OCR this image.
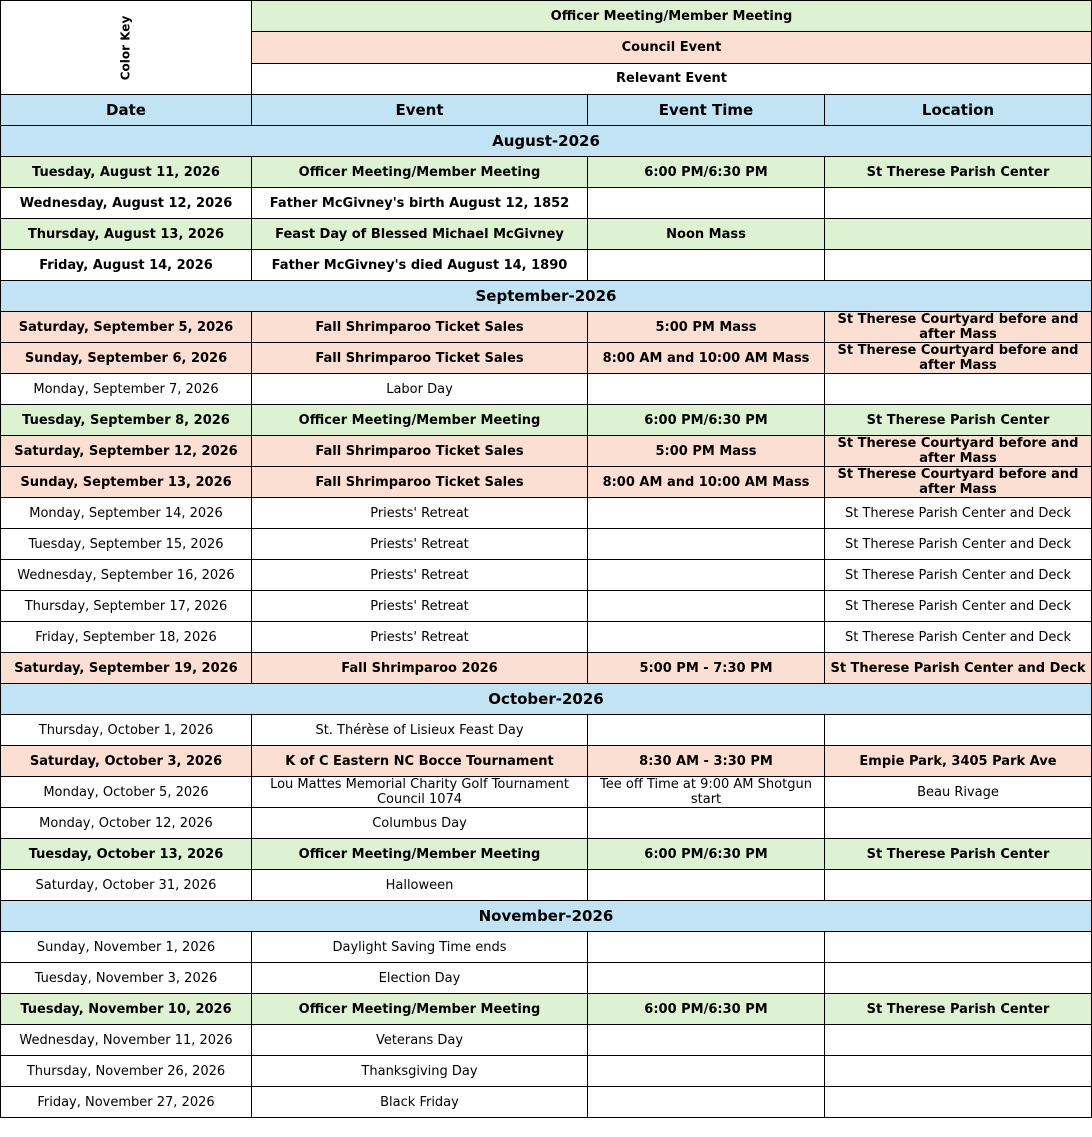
Color Key	Officer Meeting/Member Meeting		
	Council Event		
	Relevant Event		
Date	Event	Event Time	Location
August-2026			
Tuesday, August 11, 2026	Officer Meeting/Member Meeting	6:00 PM/6:30 PM	St Therese Parish Center
Wednesday, August 12, 2026	Father McGivney's birth August 12, 1852		
Thursday, August 13, 2026	Feast Day of Blessed Michael McGivney	Noon Mass	
Friday, August 14, 2026	Father McGivney's died August 14, 1890		
September-2026			
Saturday, September 5, 2026	Fall Shrimparoo Ticket Sales	5:00 PM Mass	St Therese Courtyard before and after Mass
Sunday, September 6, 2026	Fall Shrimparoo Ticket Sales	8:00 AM and 10:00 AM Mass	St Therese Courtyard before and after Mass
Monday, September 7, 2026	Labor Day		
Tuesday, September 8, 2026	Officer Meeting/Member Meeting	6:00 PM/6:30 PM	St Therese Parish Center
Saturday, September 12, 2026	Fall Shrimparoo Ticket Sales	5:00 PM Mass	St Therese Courtyard before and after Mass
Sunday, September 13, 2026	Fall Shrimparoo Ticket Sales	8:00 AM and 10:00 AM Mass	St Therese Courtyard before and after Mass
Monday, September 14, 2026	Priests' Retreat		St Therese Parish Center and Deck
Tuesday, September 15, 2026	Priests' Retreat		St Therese Parish Center and Deck
Wednesday, September 16, 2026	Priests' Retreat		St Therese Parish Center and Deck
Thursday, September 17, 2026	Priests' Retreat		St Therese Parish Center and Deck
Friday, September 18, 2026	Priests' Retreat		St Therese Parish Center and Deck
Saturday, September 19, 2026	Fall Shrimparoo 2026	5:00 PM - 7:30 PM	St Therese Parish Center and Deck
October-2026			
Thursday, October 1, 2026	St. Thérèse of Lisieux Feast Day		
Saturday, October 3, 2026	K of C Eastern NC Bocce Tournament	8:30 AM - 3:30 PM	Empie Park, 3405 Park Ave
Monday, October 5, 2026	Lou Mattes Memorial Charity Golf Tournament Council 1074	Tee off Time at 9:00 AM Shotgun start	Beau Rivage
Monday, October 12, 2026	Columbus Day		
Tuesday, October 13, 2026	Officer Meeting/Member Meeting	6:00 PM/6:30 PM	St Therese Parish Center
Saturday, October 31, 2026	Halloween		
November-2026			
Sunday, November 1, 2026	Daylight Saving Time ends		
Tuesday, November 3, 2026	Election Day		
Tuesday, November 10, 2026	Officer Meeting/Member Meeting	6:00 PM/6:30 PM	St Therese Parish Center
Wednesday, November 11, 2026	Veterans Day		
Thursday, November 26, 2026	Thanksgiving Day		
Friday, November 27, 2026	Black Friday		
